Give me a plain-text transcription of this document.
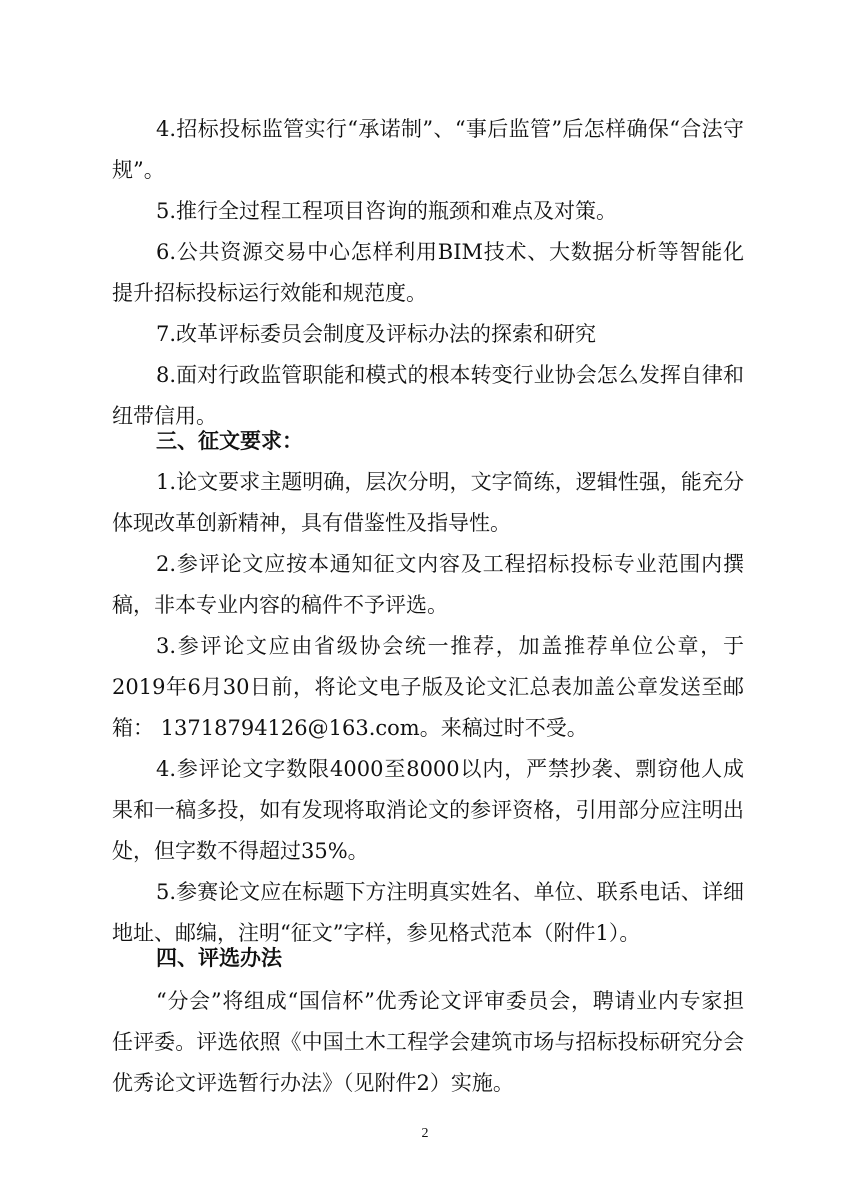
4.招标投标监管实行“承诺制”、“事后监管”后怎样确保“合法守规”。

5.推行全过程工程项目咨询的瓶颈和难点及对策。

6.公共资源交易中心怎样利用BIM技术、大数据分析等智能化提升招标投标运行效能和规范度。

7.改革评标委员会制度及评标办法的探索和研究

8.面对行政监管职能和模式的根本转变行业协会怎么发挥自律和纽带信用。

三、征文要求：

1.论文要求主题明确，层次分明，文字简练，逻辑性强，能充分体现改革创新精神，具有借鉴性及指导性。

2.参评论文应按本通知征文内容及工程招标投标专业范围内撰稿，非本专业内容的稿件不予评选。

3.参评论文应由省级协会统一推荐，加盖推荐单位公章，于2019年6月30日前，将论文电子版及论文汇总表加盖公章发送至邮箱： 13718794126@163.com。来稿过时不受。

4.参评论文字数限4000至8000以内，严禁抄袭、剽窃他人成果和一稿多投，如有发现将取消论文的参评资格，引用部分应注明出处，但字数不得超过35%。

5.参赛论文应在标题下方注明真实姓名、单位、联系电话、详细地址、邮编，注明“征文”字样，参见格式范本（附件1）。

四、评选办法

“分会”将组成“国信杯”优秀论文评审委员会，聘请业内专家担任评委。评选依照《中国土木工程学会建筑市场与招标投标研究分会优秀论文评选暂行办法》（见附件2）实施。

2
